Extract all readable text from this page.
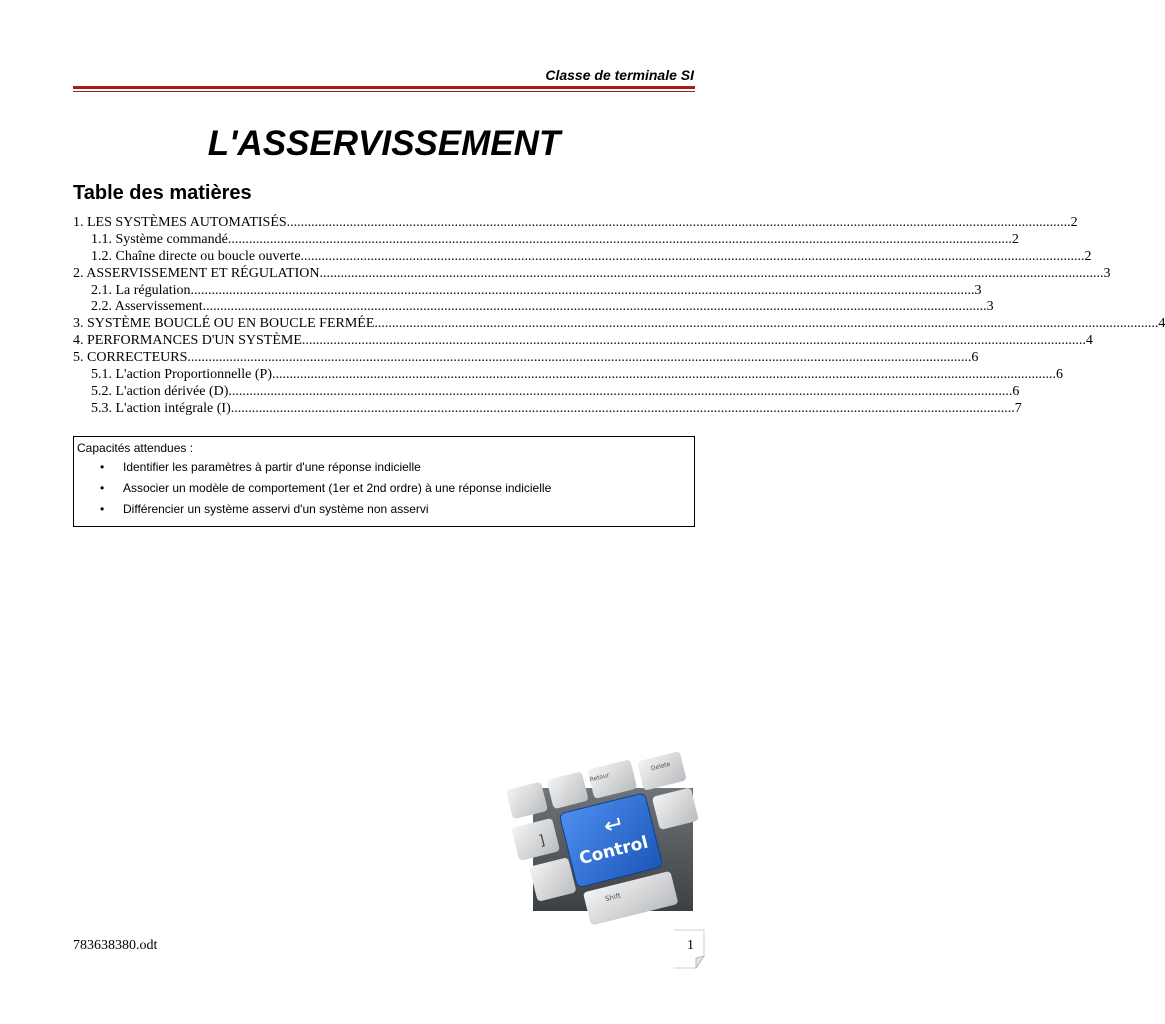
Classe de terminale SI
L'ASSERVISSEMENT
Table des matières
1. LES SYSTÈMES AUTOMATISÉS .....	2
1.1. Système commandé .....	2
1.2. Chaîne directe ou boucle ouverte .....	2
2. ASSERVISSEMENT ET RÉGULATION .....	3
2.1. La régulation .....	3
2.2. Asservissement .....	3
3. SYSTÈME BOUCLÉ OU EN BOUCLE FERMÉE .....	4
4. PERFORMANCES D'UN SYSTÈME .....	4
5. CORRECTEURS .....	6
5.1. L'action Proportionnelle (P) .....	6
5.2. L'action dérivée (D) .....	6
5.3. L'action intégrale (I) .....	7
Capacités attendues :
• Identifier les paramètres à partir d'une réponse indicielle
• Associer un modèle de comportement (1er et 2nd ordre) à une réponse indicielle
• Différencier un système asservi d'un système non asservi
Control
Retour
Delete
Shift
]
783638380.odt	1
